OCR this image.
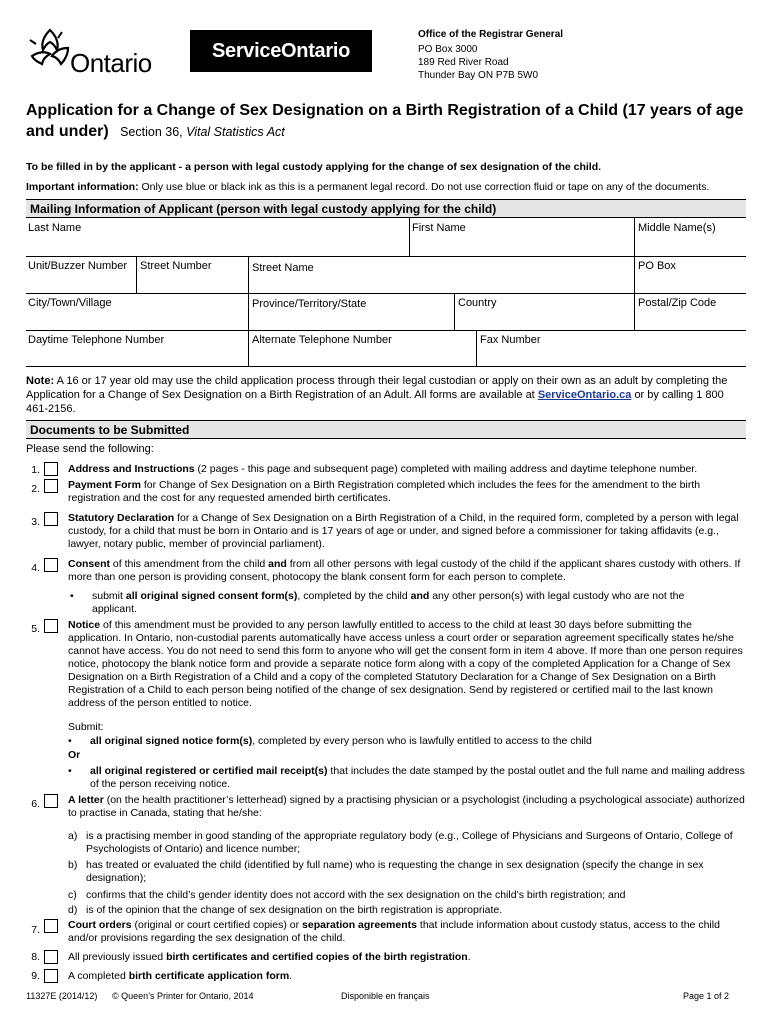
Ontario	ServiceOntario
Office of the Registrar General
PO Box 3000
189 Red River Road
Thunder Bay ON P7B 5W0
Application for a Change of Sex Designation on a Birth Registration of a Child (17 years of age and under) Section 36, Vital Statistics Act
To be filled in by the applicant - a person with legal custody applying for the change of sex designation of the child.
Important information: Only use blue or black ink as this is a permanent legal record. Do not use correction fluid or tape on any of the documents.
Mailing Information of Applicant (person with legal custody applying for the child)
Last Name	First Name	Middle Name(s)
Unit/Buzzer Number Street Number	Street Name	PO Box
City/Town/Village	Province/Territory/State	Country	Postal/Zip Code
Daytime Telephone Number	Alternate Telephone Number	Fax Number
Note: A 16 or 17 year old may use the child application process through their legal custodian or apply on their own as an adult by completing the Application for a Change of Sex Designation on a Birth Registration of an Adult. All forms are available at ServiceOntario.ca or by calling 1 800 461-2156.
Documents to be Submitted
Please send the following:
1.	Address and Instructions (2 pages - this page and subsequent page) completed with mailing address and daytime telephone number.
2.	Payment Form for Change of Sex Designation on a Birth Registration completed which includes the fees for the amendment to the birth registration and the cost for any requested amended birth certificates.
3.	Statutory Declaration for a Change of Sex Designation on a Birth Registration of a Child, in the required form, completed by a person with legal custody, for a child that must be born in Ontario and is 17 years of age or under, and signed before a commissioner for taking affidavits (e.g., lawyer, notary public, member of provincial parliament).
4.	Consent of this amendment from the child and from all other persons with legal custody of the child if the applicant shares custody with others. If more than one person is providing consent, photocopy the blank consent form for each person to complete.
• submit all original signed consent form(s), completed by the child and any other person(s) with legal custody who are not the applicant.
5.	Notice of this amendment must be provided to any person lawfully entitled to access to the child at least 30 days before submitting the application. In Ontario, non-custodial parents automatically have access unless a court order or separation agreement specifically states he/she cannot have access. You do not need to send this form to anyone who will get the consent form in item 4 above. If more than one person requires notice, photocopy the blank notice form and provide a separate notice form along with a copy of the completed Application for a Change of Sex Designation on a Birth Registration of a Child and a copy of the completed Statutory Declaration for a Change of Sex Designation on a Birth Registration of a Child to each person being notified of the change of sex designation. Send by registered or certified mail to the last known address of the person entitled to notice.
Submit:
• all original signed notice form(s), completed by every person who is lawfully entitled to access to the child
Or
• all original registered or certified mail receipt(s) that includes the date stamped by the postal outlet and the full name and mailing address of the person receiving notice.
6.	A letter (on the health practitioner’s letterhead) signed by a practising physician or a psychologist (including a psychological associate) authorized to practise in Canada, stating that he/she:
a) is a practising member in good standing of the appropriate regulatory body (e.g., College of Physicians and Surgeons of Ontario, College of Psychologists of Ontario) and licence number;
b) has treated or evaluated the child (identified by full name) who is requesting the change in sex designation (specify the change in sex designation);
c) confirms that the child’s gender identity does not accord with the sex designation on the child’s birth registration; and
d) is of the opinion that the change of sex designation on the birth registration is appropriate.
7.	Court orders (original or court certified copies) or separation agreements that include information about custody status, access to the child and/or provisions regarding the sex designation of the child.
8.	All previously issued birth certificates and certified copies of the birth registration.
9.	A completed birth certificate application form.
11327E (2014/12) © Queen’s Printer for Ontario, 2014	Disponible en français	Page 1 of 2
